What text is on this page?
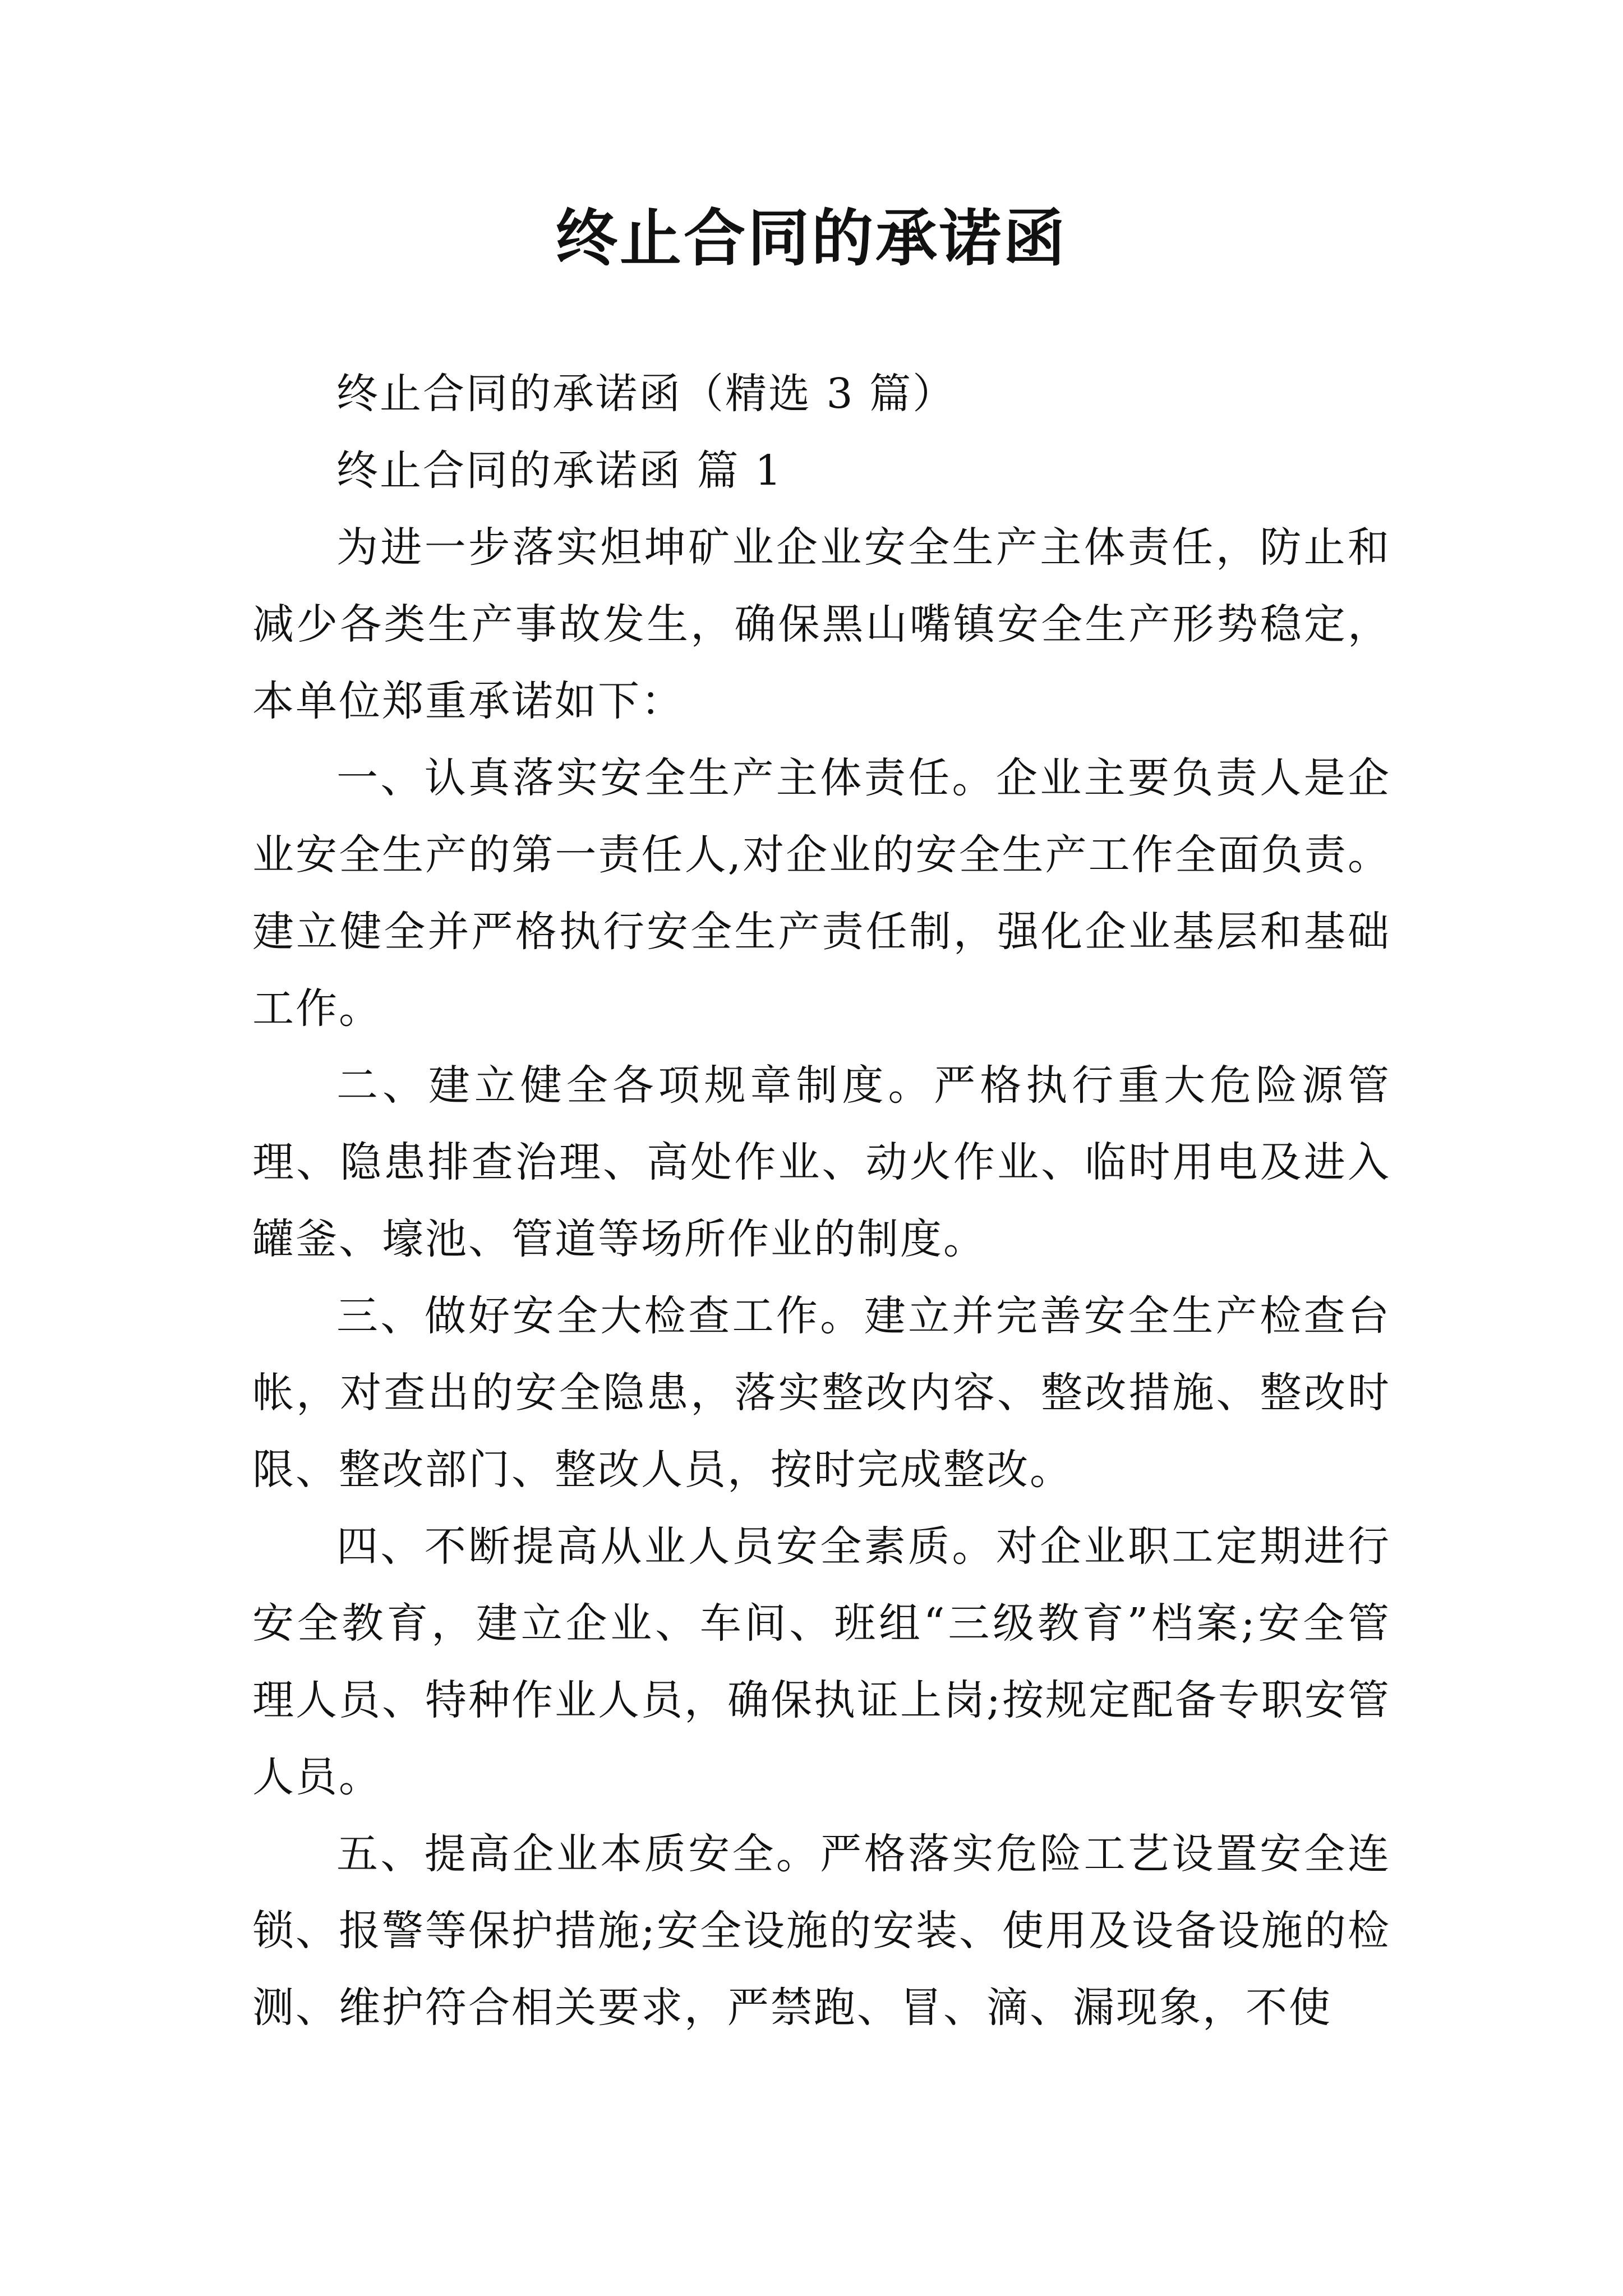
终止合同的承诺函

终止合同的承诺函（精选 3 篇）

终止合同的承诺函 篇 1

为进一步落实炟坤矿业企业安全生产主体责任，防止和减少各类生产事故发生，确保黑山嘴镇安全生产形势稳定，本单位郑重承诺如下：

一、认真落实安全生产主体责任。企业主要负责人是企业安全生产的第一责任人,对企业的安全生产工作全面负责。建立健全并严格执行安全生产责任制，强化企业基层和基础工作。

二、建立健全各项规章制度。严格执行重大危险源管理、隐患排查治理、高处作业、动火作业、临时用电及进入罐釜、壕池、管道等场所作业的制度。

三、做好安全大检查工作。建立并完善安全生产检查台帐，对查出的安全隐患，落实整改内容、整改措施、整改时限、整改部门、整改人员，按时完成整改。

四、不断提高从业人员安全素质。对企业职工定期进行安全教育，建立企业、车间、班组“三级教育”档案;安全管理人员、特种作业人员，确保执证上岗;按规定配备专职安管人员。

五、提高企业本质安全。严格落实危险工艺设置安全连锁、报警等保护措施;安全设施的安装、使用及设备设施的检测、维护符合相关要求，严禁跑、冒、滴、漏现象，不使
